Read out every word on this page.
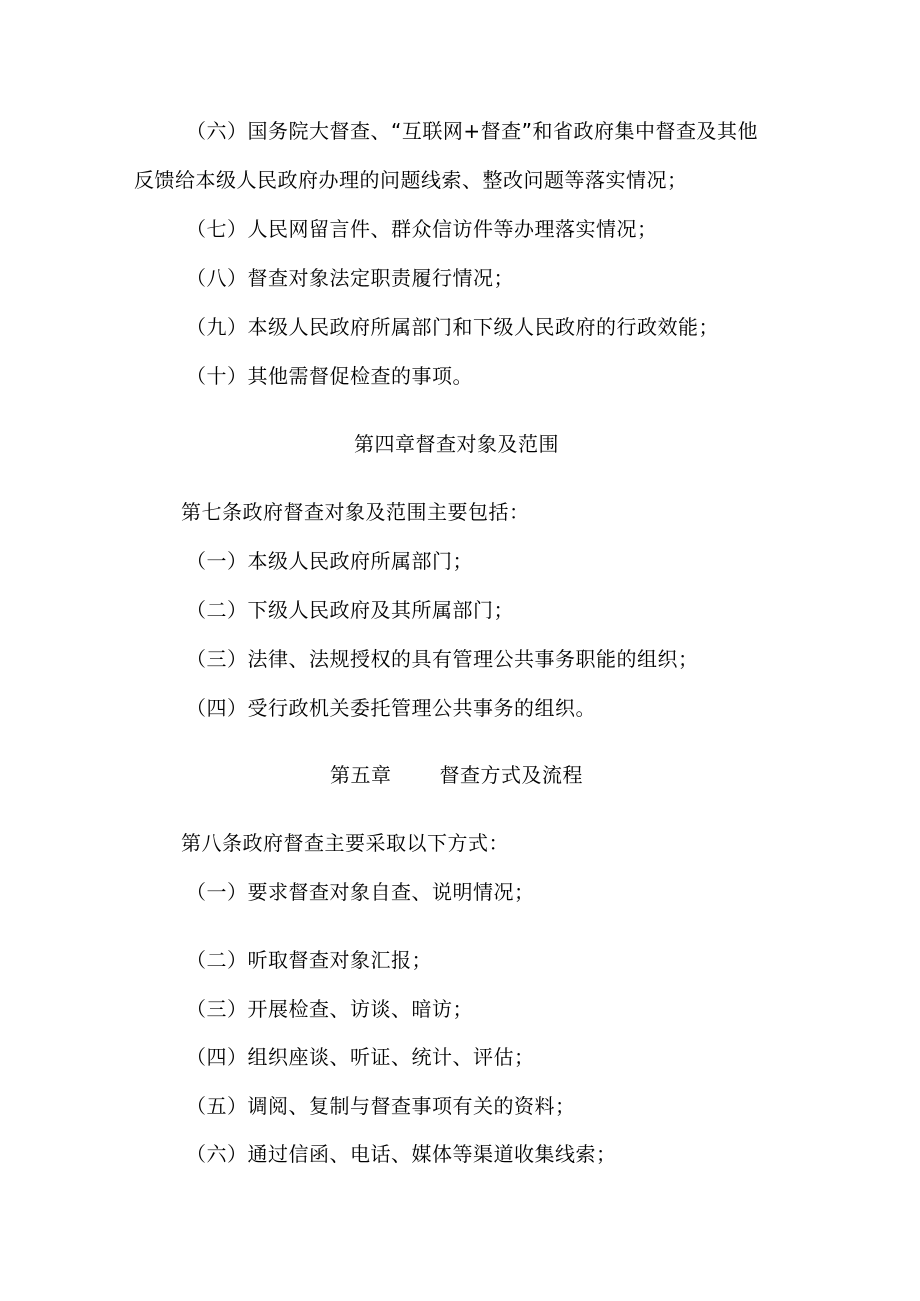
（六）国务院大督查、“互联网+督查”和省政府集中督查及其他
反馈给本级人民政府办理的问题线索、整改问题等落实情况；
（七）人民网留言件、群众信访件等办理落实情况；
（八）督查对象法定职责履行情况；
（九）本级人民政府所属部门和下级人民政府的行政效能；
（十）其他需督促检查的事项。
第四章督查对象及范围
第七条政府督查对象及范围主要包括：
（一）本级人民政府所属部门；
（二）下级人民政府及其所属部门；
（三）法律、法规授权的具有管理公共事务职能的组织；
（四）受行政机关委托管理公共事务的组织。
第五章 督查方式及流程
第八条政府督查主要采取以下方式：
（一）要求督查对象自查、说明情况；
（二）听取督查对象汇报；
（三）开展检查、访谈、暗访；
（四）组织座谈、听证、统计、评估；
（五）调阅、复制与督查事项有关的资料；
（六）通过信函、电话、媒体等渠道收集线索；
